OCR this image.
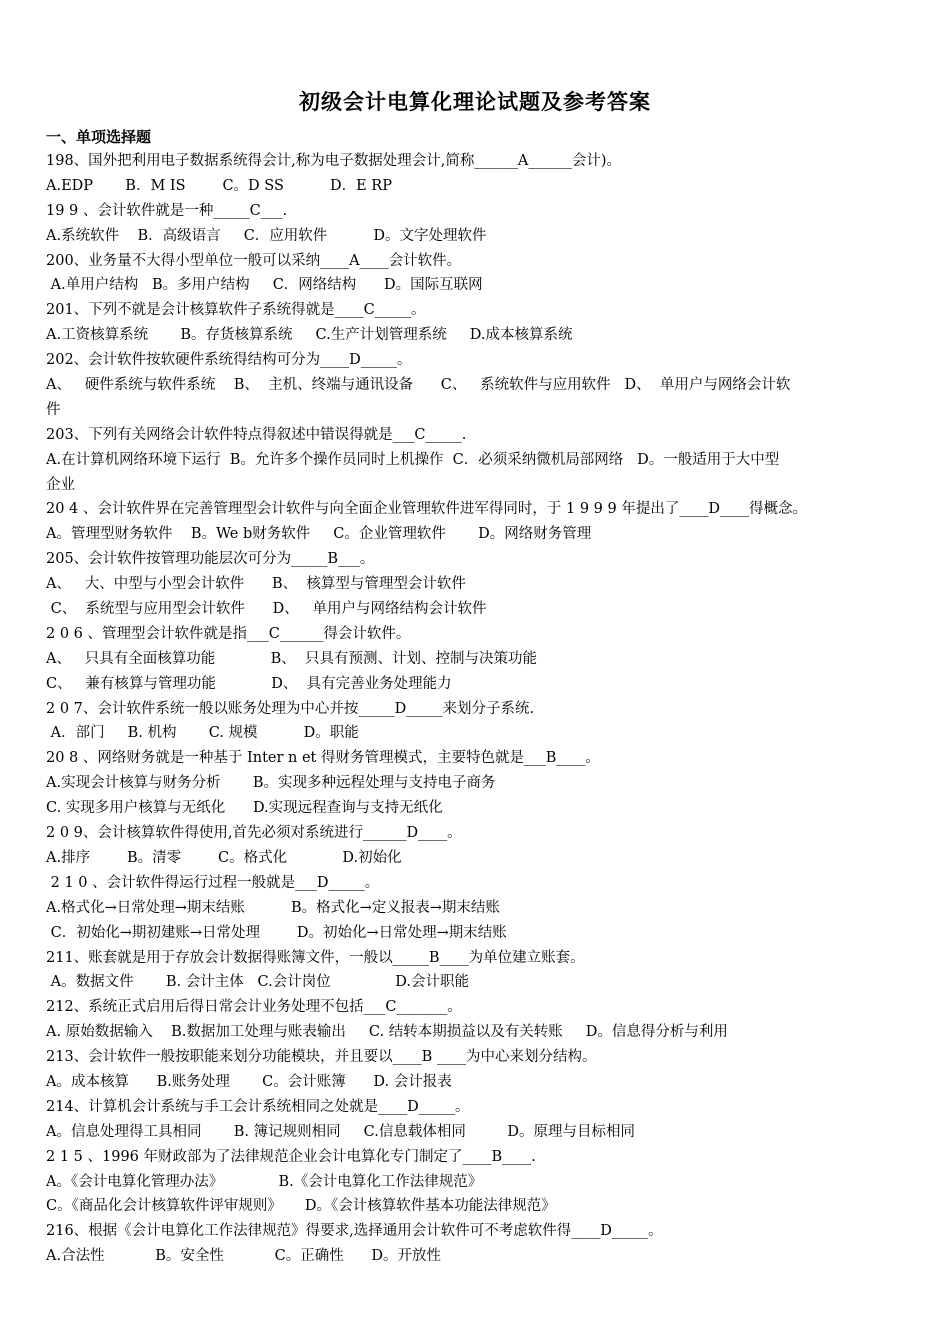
初级会计电算化理论试题及参考答案
一、单项选择题
198、国外把利用电子数据系统得会计,称为电子数据处理会计,简称______A______会计)。
A.EDP       B．M IS        C。D SS          D．E RP
19 9 、会计软件就是一种_____C___.
A.系统软件    B．高级语言     C．应用软件          D。文字处理软件
200、业务量不大得小型单位一般可以采纳____A____会计软件。
A.单用户结构   B。多用户结构     C．网络结构      D。国际互联网
201、下列不就是会计核算软件子系统得就是____C_____。
A.工资核算系统       B。存货核算系统     C.生产计划管理系统     D.成本核算系统
202、会计软件按软硬件系统得结构可分为____D_____。
A、   硬件系统与软件系统    B、  主机、终端与通讯设备      C、   系统软件与应用软件   D、  单用户与网络会计软
件
203、下列有关网络会计软件特点得叙述中错误得就是___C_____.
A.在计算机网络环境下运行  B。允许多个操作员同时上机操作  C．必须采纳微机局部网络   D。一般适用于大中型
企业
20 4 、会计软件界在完善管理型会计软件与向全面企业管理软件进军得同时，于 1 9 9 9 年提出了____D____得概念。
A。管理型财务软件    B。We b财务软件     C。企业管理软件       D。网络财务管理
205、会计软件按管理功能层次可分为_____B___。
A、   大、中型与小型会计软件      B、  核算型与管理型会计软件
C、  系统型与应用型会计软件      D、   单用户与网络结构会计软件
2 0 6 、管理型会计软件就是指___C______得会计软件。
A、   只具有全面核算功能            B、  只具有预测、计划、控制与决策功能
C、   兼有核算与管理功能            D、  具有完善业务处理能力
2 0 7、会计软件系统一般以账务处理为中心并按_____D_____来划分子系统.
A．部门     B. 机构       C. 规模          D。职能
20 8 、网络财务就是一种基于 Inter n et 得财务管理模式，主要特色就是___B____。
A.实现会计核算与财务分析       B。实现多种远程处理与支持电子商务
C. 实现多用户核算与无纸化      D.实现远程查询与支持无纸化
2 0 9、会计核算软件得使用,首先必须对系统进行______D____。
A.排序        B。清零        C。格式化            D.初始化
2 1 0 、会计软件得运行过程一般就是___D_____。
A.格式化→日常处理→期末结账          B。格式化→定义报表→期末结账
C．初始化→期初建账→日常处理        D。初始化→日常处理→期末结账
211、账套就是用于存放会计数据得账簿文件，一般以_____B____为单位建立账套。
A。数据文件       B. 会计主体   C.会计岗位              D.会计职能
212、系统正式启用后得日常会计业务处理不包括___C_______。
A. 原始数据输入    B.数据加工处理与账表输出     C. 结转本期损益以及有关转账     D。信息得分析与利用
213、会计软件一般按职能来划分功能模块，并且要以____B ____为中心来划分结构。
A。成本核算      B.账务处理       C。会计账簿      D. 会计报表
214、计算机会计系统与手工会计系统相同之处就是____D_____。
A。信息处理得工具相同       B. 簿记规则相同     C.信息载体相同         D。原理与目标相同
2 1 5 、1996 年财政部为了法律规范企业会计电算化专门制定了____B____.
A。《会计电算化管理办法》            B.《会计电算化工作法律规范》
C。《商品化会计核算软件评审规则》     D。《会计核算软件基本功能法律规范》
216、根据《会计电算化工作法律规范》得要求,选择通用会计软件可不考虑软件得____D_____。
A.合法性           B。安全性           C。正确性      D。开放性
